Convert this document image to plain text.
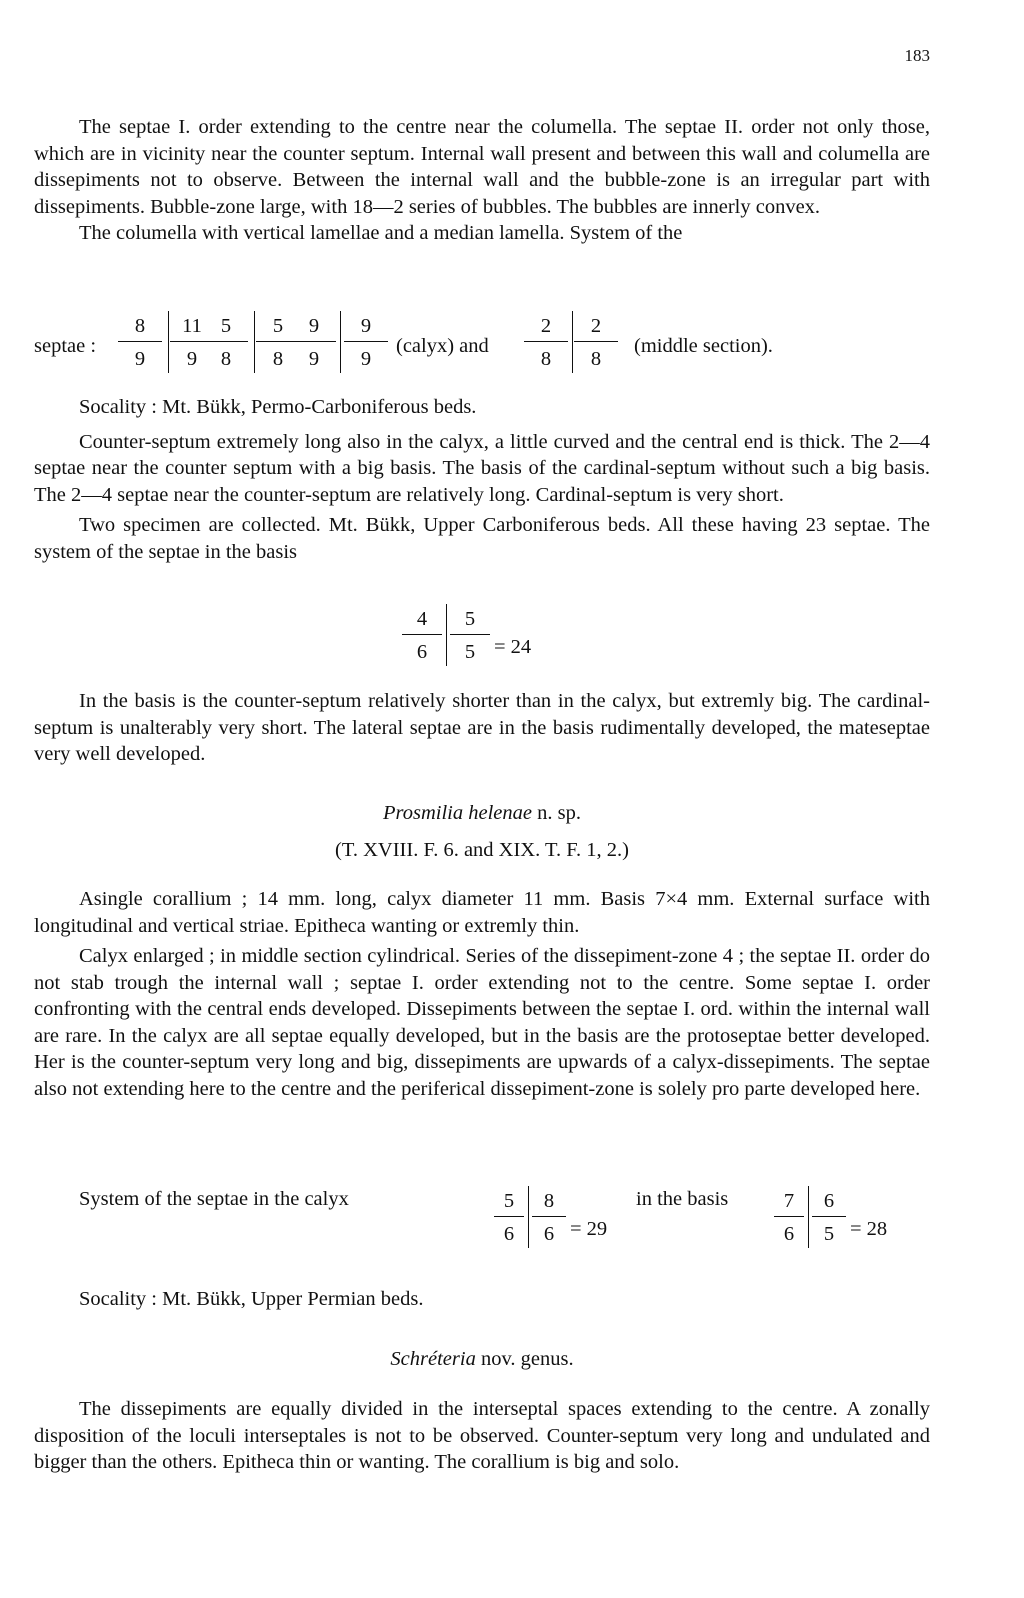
183

The septae I. order extending to the centre near the columella. The septae II. order not only those, which are in vicinity near the counter septum. Internal wall present and between this wall and columella are dissepiments not to observe. Between the internal wall and the bubble-zone is an irregular part with dissepiments. Bubble-zone large, with 18—2 series of bubbles. The bubbles are innerly convex.

The columella with vertical lamellae and a median lamella. System of the

septae : $\frac{8}{9} \frac{11}{9}$
$\frac{5}{8} \frac{5}{8}$
$\frac{9}{9} \frac{9}{9}$ (calyx) and $\frac{2}{8} \frac{2}{8}$ (middle section).

Socality : Mt. Bükk, Permo-Carboniferous beds.

Counter-septum extremely long also in the calyx, a little curved and the central end is thick. The 2—4 septae near the counter septum with a big basis. The basis of the cardinal-septum without such a big basis. The 2—4 septae near the counter-septum are relatively long. Cardinal-septum is very short.

Two specimen are collected. Mt. Bükk, Upper Carboniferous beds. All these having 23 septae. The system of the septae in the basis

$\frac{4}{6} \frac{5}{5} = 24$

In the basis is the counter-septum relatively shorter than in the calyx, but extremly big. The cardinal-septum is unalterably very short. The lateral septae are in the basis rudimentally developed, the mateseptae very well developed.

Prosmilia helenae n. sp.

(T. XVIII. F. 6. and XIX. T. F. 1, 2.)

Asingle corallium ; 14 mm. long, calyx diameter 11 mm. Basis 7×4 mm. External surface with longitudinal and vertical striae. Epitheca wanting or extremly thin.

Calyx enlarged ; in middle section cylindrical. Series of the dissepiment-zone 4 ; the septae II. order do not stab trough the internal wall ; septae I. order extending not to the centre. Some septae I. order confronting with the central ends developed. Dissepiments between the septae I. ord. within the internal wall are rare. In the calyx are all septae equally developed, but in the basis are the protoseptae better developed. Her is the counter-septum very long and big, dissepiments are upwards of a calyx-dissepiments. The septae also not extending here to the centre and the periferical dissepiment-zone is solely pro parte developed here.

System of the septae in the calyx	$\frac{5}{6} \frac{8}{6} = 29$
in the basis $\frac{7}{6} \frac{6}{5} = 28$

Socality : Mt. Bükk, Upper Permian beds.

Schréteria nov. genus.

The dissepiments are equally divided in the interseptal spaces extending to the centre. A zonally disposition of the loculi interseptales is not to be observed. Counter-septum very long and undulated and bigger than the others. Epitheca thin or wanting. The corallium is big and solo.
